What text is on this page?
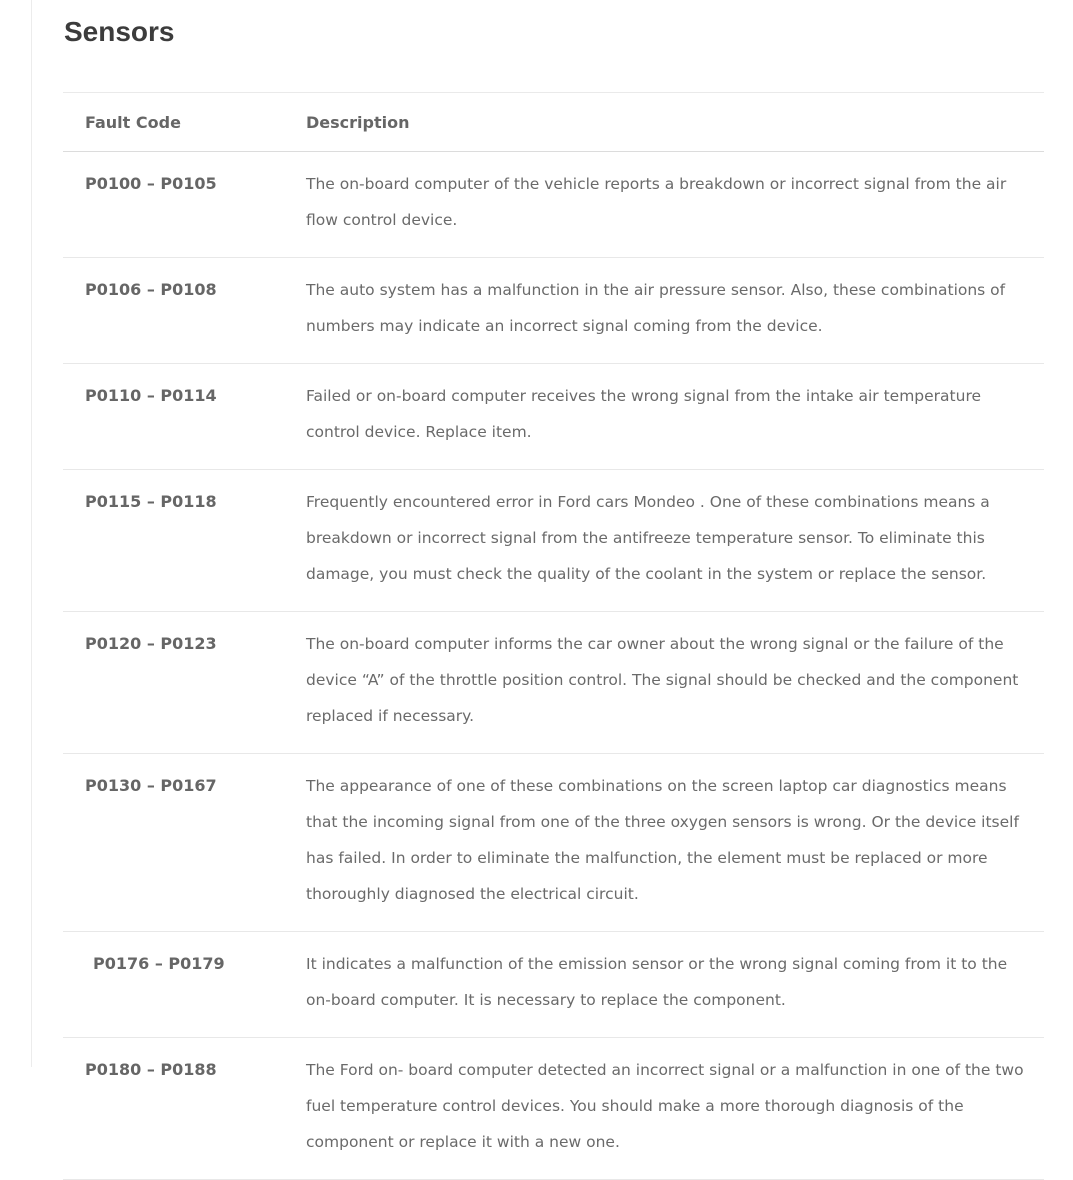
Sensors
Fault Code	Description
P0100 – P0105	The on-board computer of the vehicle reports a breakdown or incorrect signal from the air flow control device.
P0106 – P0108	The auto system has a malfunction in the air pressure sensor. Also, these combinations of numbers may indicate an incorrect signal coming from the device.
P0110 – P0114	Failed or on-board computer receives the wrong signal from the intake air temperature control device. Replace item.
P0115 – P0118	Frequently encountered error in Ford cars Mondeo . One of these combinations means a breakdown or incorrect signal from the antifreeze temperature sensor. To eliminate this damage, you must check the quality of the coolant in the system or replace the sensor.
P0120 – P0123	The on-board computer informs the car owner about the wrong signal or the failure of the device “A” of the throttle position control. The signal should be checked and the component replaced if necessary.
P0130 – P0167	The appearance of one of these combinations on the screen laptop car diagnostics means that the incoming signal from one of the three oxygen sensors is wrong. Or the device itself has failed. In order to eliminate the malfunction, the element must be replaced or more thoroughly diagnosed the electrical circuit.
P0176 – P0179	It indicates a malfunction of the emission sensor or the wrong signal coming from it to the on-board computer. It is necessary to replace the component.
P0180 – P0188	The Ford on- board computer detected an incorrect signal or a malfunction in one of the two fuel temperature control devices. You should make a more thorough diagnosis of the component or replace it with a new one.
